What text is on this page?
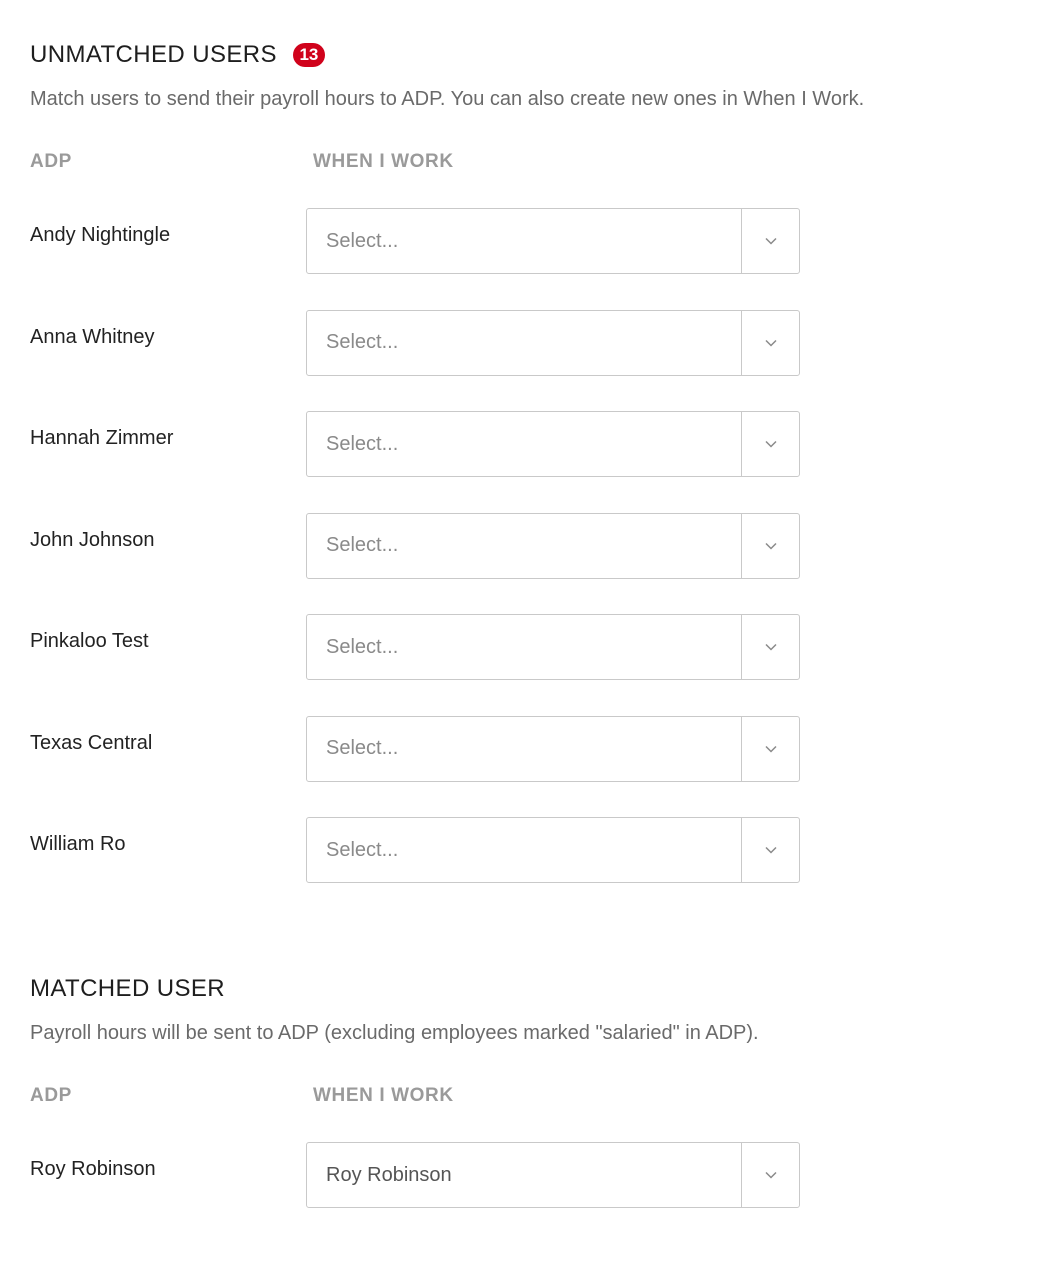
UNMATCHED USERS	13

Match users to send their payroll hours to ADP. You can also create new ones in When I Work.

ADP	WHEN I WORK
Andy Nightingle	Select...
Anna Whitney	Select...
Hannah Zimmer	Select...
John Johnson	Select...
Pinkaloo Test	Select...
Texas Central	Select...
William Ro	Select...
MATCHED USER

Payroll hours will be sent to ADP (excluding employees marked "salaried" in ADP).

ADP	WHEN I WORK
Roy Robinson	Roy Robinson
